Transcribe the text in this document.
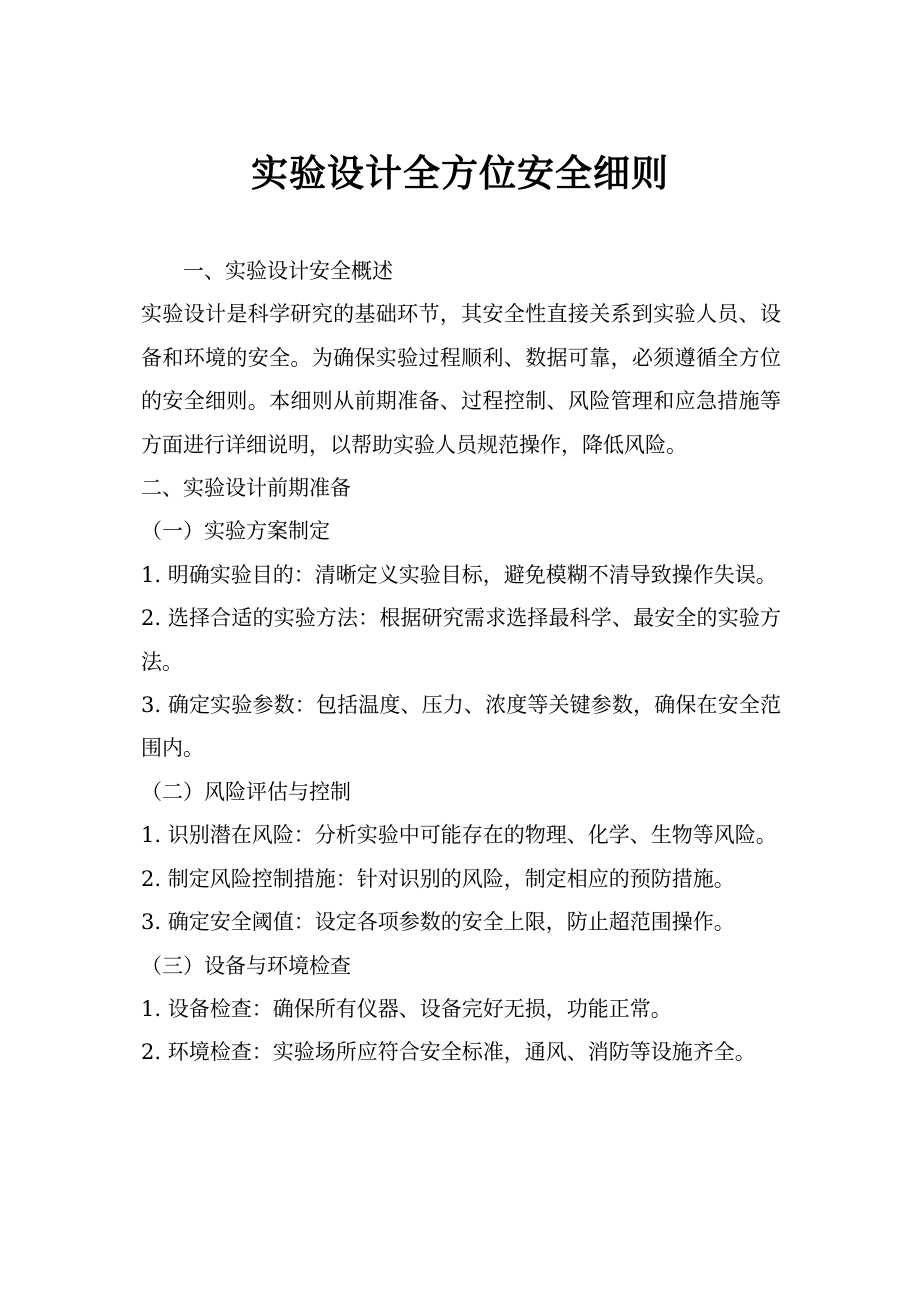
实验设计全方位安全细则

一、实验设计安全概述

实验设计是科学研究的基础环节，其安全性直接关系到实验人员、设备和环境的安全。为确保实验过程顺利、数据可靠，必须遵循全方位的安全细则。本细则从前期准备、过程控制、风险管理和应急措施等方面进行详细说明，以帮助实验人员规范操作，降低风险。

二、实验设计前期准备

（一）实验方案制定

1. 明确实验目的：清晰定义实验目标，避免模糊不清导致操作失误。

2. 选择合适的实验方法：根据研究需求选择最科学、最安全的实验方法。

3. 确定实验参数：包括温度、压力、浓度等关键参数，确保在安全范围内。

（二）风险评估与控制

1. 识别潜在风险：分析实验中可能存在的物理、化学、生物等风险。

2. 制定风险控制措施：针对识别的风险，制定相应的预防措施。

3. 确定安全阈值：设定各项参数的安全上限，防止超范围操作。

（三）设备与环境检查

1. 设备检查：确保所有仪器、设备完好无损，功能正常。

2. 环境检查：实验场所应符合安全标准，通风、消防等设施齐全。
